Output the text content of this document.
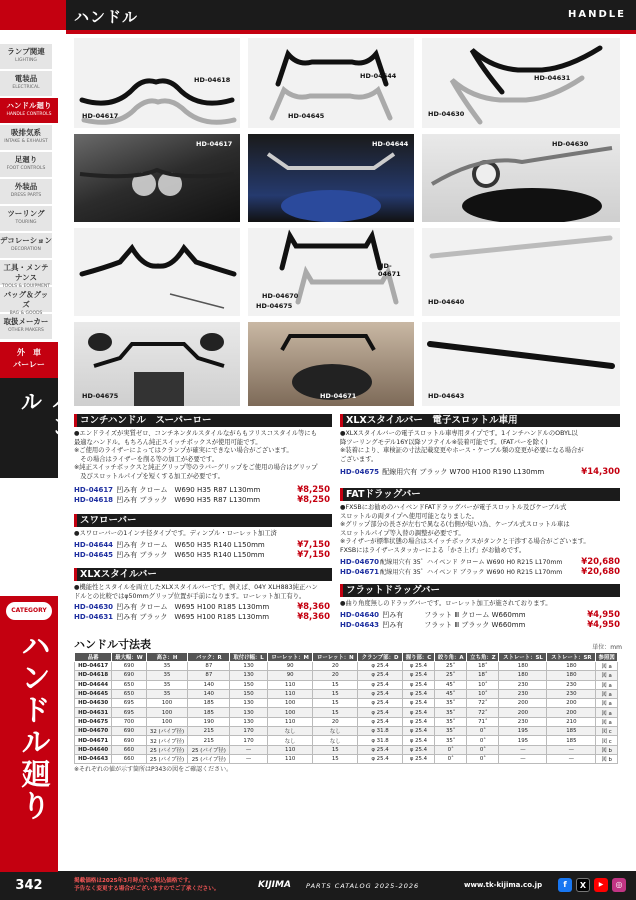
ハンドル	HANDLE
ランプ関連
LIGHTING
電装品
ELECTRICAL
ハンドル廻り
HANDLE CONTROLS
吸排気系
INTAKE & EXHAUST
足廻り
FOOT CONTROLS
外装品
DRESS PARTS
ツーリング
TOURING
デコレーション
DECORATION
工具・メンテナンス
バッグ＆グッズ
取扱メーカー
OTHER MAKERS
外　車
バーレー
ハンドル
CATEGORY
ハンドル廻り
342
HD-04618
HD-04617
HD-04644
HD-04645
HD-04631
HD-04630
HD-04617	HD-04644	HD-04630
HD-04671
HD-04670
HD-04675	HD-04640
HD-04675	HD-04671	HD-04643
コンチハンドル　スーパーロー
●エンドライズが実質ゼロ、コンチネンタルスタイルながらもフリスコスタイル等にも
最適なハンドル。もちろん純正スイッチボックスが使用可能です。
※ご使用のライザーによってはクランプが確実にできない場合がございます。
　その場合はライザーを削る等の加工が必要です。
※純正スイッチボックスと純正グリップ等のラバーグリップをご使用の場合はグリップ
　及びスロットルパイプを短くする加工が必要です。
HD-04617 凹み有 クローム　W690 H35 R87 L130mm	¥8,250
HD-04618 凹み有 ブラック　W690 H35 R87 L130mm	¥8,250
スワローバー
●スワローバーの1インチ径タイプです。ディンプル・ローレット加工済
HD-04644 凹み有 クローム　W650 H35 R140 L150mm	¥7,150
HD-04645 凹み有 ブラック　W650 H35 R140 L150mm	¥7,150
XLXスタイルバー
●機能性とスタイルを両立したXLXスタイルバーです。例えば、04Y XLH883純正ハン
ドルとの比較ではφ50mmグリップ位置が手前になります。ローレット加工有り。
HD-04630 凹み有 クローム　W695 H100 R185 L130mm	¥8,360
HD-04631 凹み有 ブラック　W695 H100 R185 L130mm	¥8,360
XLXスタイルバー　電子スロットル車用
●XLXスタイルバーの電子スロットル車専用タイプです。1インチハンドルのOBYL以
降ツーリングモデル16Y以降ソフテイル※装着可能です。(FATバーを除く)
※装着により、車検証の寸法記載変更やホース・ケーブル類の変更が必要になる場合が
ございます。
HD-04675 配線用穴有 ブラック W700 H100 R190 L130mm	¥14,300
FATドラッグバー
●FXSBにお勧めのハイベンドFATドラッグバーが電子スロットル及びケーブル式
スロットルの両タイプへ使用可能となりました。
※グリップ部分の長さが左右で異なる(右側が短い)為、ケーブル式スロットル車は
スロットルパイプ等入替の調整が必要です。
※ライザーが標準状態の場合はスイッチボックスがタンクと干渉する場合がございます。
FXSBにはライザースタッカーによる「かさ上げ」がお勧めです。
HD-04670 配線用穴有 35゜ハイベンド クローム W690 H0 R215 L170mm ¥20,680
HD-04671 配線用穴有 35゜ハイベンド ブラック W690 H0 R215 L170mm ¥20,680
フラットドラッグバー
●曲り角度無しのドラッグバーです。ローレット加工が施されております。
HD-04640 凹み有　　　フラット Ⅲ クローム W660mm	¥4,950
HD-04643 凹み有　　　フラット Ⅲ ブラック W660mm	¥4,950
ハンドル寸法表	単位：mm
品番	最大幅：W	高さ：H	バック：R	取付け幅：L	ローレット：M	ローレット：N	クランプ部：D	握り部：C	絞り角：A	立ち角：Z	ストレート：SL	ストレート：SR	参照図
HD-04617	690	35	87	130	90	20	φ 25.4	φ 25.4	25˚	18˚	180	180	図 a
HD-04618	690	35	87	130	90	20	φ 25.4	φ 25.4	25˚	18˚	180	180	図 a
HD-04644	650	35	140	150	110	15	φ 25.4	φ 25.4	45˚	10˚	230	230	図 a
HD-04645	650	35	140	150	110	15	φ 25.4	φ 25.4	45˚	10˚	230	230	図 a
HD-04630	695	100	185	130	100	15	φ 25.4	φ 25.4	35˚	72˚	200	200	図 a
HD-04631	695	100	185	130	100	15	φ 25.4	φ 25.4	35˚	72˚	200	200	図 a
HD-04675	700	100	190	130	110	20	φ 25.4	φ 25.4	35˚	71˚	230	210	図 a
HD-04670	690	32 (パイプ径)	215	170	なし	なし	φ 31.8	φ 25.4	35˚	0˚	195	185	図 c
HD-04671	690	32 (パイプ径)	215	170	なし	なし	φ 31.8	φ 25.4	35˚	0˚	195	185	図 c
HD-04640	660	25 (パイプ径)	25 (パイプ径)	—	110	15	φ 25.4	φ 25.4	0˚	0˚	—	—	図 b
HD-04643	660	25 (パイプ径)	25 (パイプ径)	—	110	15	φ 25.4	φ 25.4	0˚	0˚	—	—	図 b
※それぞれの値が示す箇所はP343の図をご確認ください。
掲載価格は2025年3月時点での税込価格です。
予告なく変更する場合がございますのでご了承ください。	KIJIMA PARTS CATALOG 2025-2026	www.tk-kijima.co.jp	f	X	▶	◎
